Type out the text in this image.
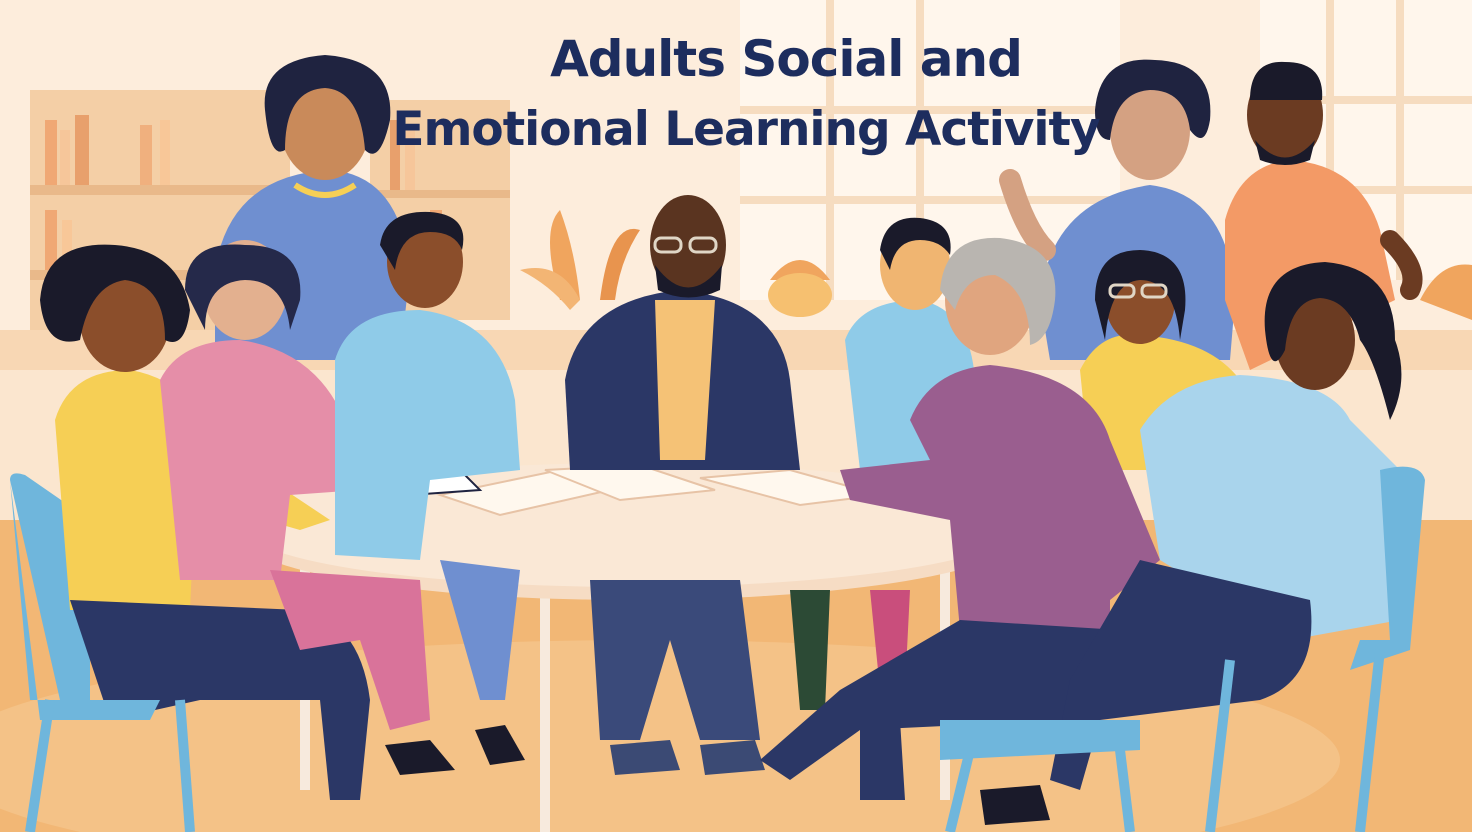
Adults Social and
Emotional Learning Activity
